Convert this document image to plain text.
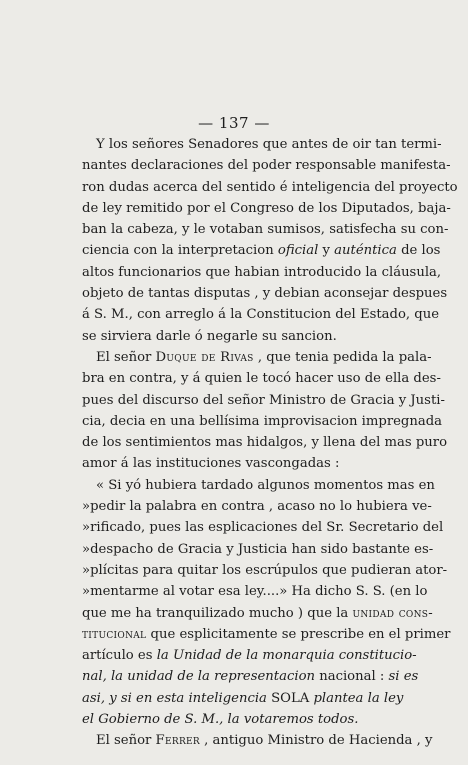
— 137 —
Y los señores Senadores que antes de oir tan termi-
nantes declaraciones del poder responsable manifesta-
ron dudas acerca del sentido é inteligencia del proyecto
de ley remitido por el Congreso de los Diputados, baja-
ban la cabeza, y le votaban sumisos, satisfecha su con-
ciencia con la interpretacion oficial y auténtica de los
altos funcionarios que habian introducido la cláusula,
objeto de tantas disputas , y debian aconsejar despues
á S. M., con arreglo á la Constitucion del Estado, que
se sirviera darle ó negarle su sancion.
El señor Duque de Rivas , que tenia pedida la pala-
bra en contra, y á quien le tocó hacer uso de ella des-
pues del discurso del señor Ministro de Gracia y Justi-
cia, decia en una bellísima improvisacion impregnada
de los sentimientos mas hidalgos, y llena del mas puro
amor á las instituciones vascongadas :
« Si yó hubiera tardado algunos momentos mas en
»pedir la palabra en contra , acaso no lo hubiera ve-
»rificado, pues las esplicaciones del Sr. Secretario del
»despacho de Gracia y Justicia han sido bastante es-
»plícitas para quitar los escrúpulos que pudieran ator-
»mentarme al votar esa ley....» Ha dicho S. S. (en lo
que me ha tranquilizado mucho ) que la unidad cons-
titucional que esplicitamente se prescribe en el primer
artículo es la Unidad de la monarquia constitucio-
nal, la unidad de la representacion nacional : si es
asi, y si en esta inteligencia SOLA plantea la ley
el Gobierno de S. M., la votaremos todos.
El señor Ferrer , antiguo Ministro de Hacienda , y
